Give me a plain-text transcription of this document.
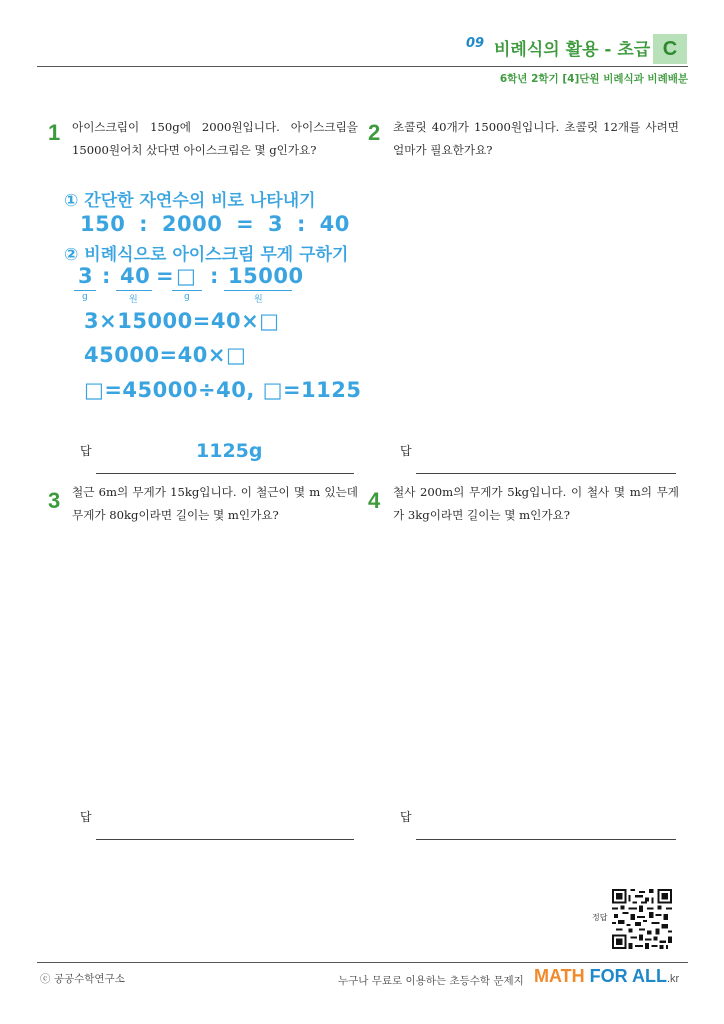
09 비례식의 활용 - 초급 C
6학년 2학기 [4]단원 비례식과 비례배분
1 아이스크림이 150g에 2000원입니다. 아이스크림을 15000원어치 샀다면 아이스크림은 몇 g인가요?
2 초콜릿 40개가 15000원입니다. 초콜릿 12개를 사려면 얼마가 필요한가요?
① 간단한 자연수의 비로 나타내기
150 : 2000 = 3 : 40
② 비례식으로 아이스크림 무게 구하기
3 : 40 = □ : 15000
g	원	g	원
3×15000=40×□
45000=40×□
□=45000÷40, □=1125
답	1125g	답
3 철근 6m의 무게가 15kg입니다. 이 철근이 몇 m 있는데 무게가 80kg이라면 길이는 몇 m인가요?
4 철사 200m의 무게가 5kg입니다. 이 철사 몇 m의 무게가 3kg이라면 길이는 몇 m인가요?
답	답
정답
ⓒ 공공수학연구소	누구나 무료로 이용하는 초등수학 문제지 MATH FOR ALL.kr
